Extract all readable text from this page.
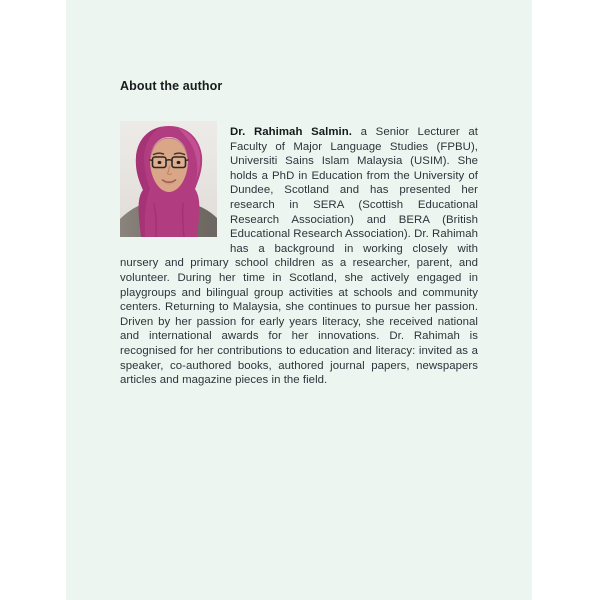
About the author

Dr. Rahimah Salmin. a Senior Lecturer at Faculty of Major Language Studies (FPBU), Universiti Sains Islam Malaysia (USIM). She holds a PhD in Education from the University of Dundee, Scotland and has presented her research in SERA (Scottish Educational Research Association) and BERA (British Educational Research Association). Dr. Rahimah has a background in working closely with nursery and primary school children as a researcher, parent, and volunteer. During her time in Scotland, she actively engaged in playgroups and bilingual group activities at schools and community centers. Returning to Malaysia, she continues to pursue her passion. Driven by her passion for early years literacy, she received national and international awards for her innovations. Dr. Rahimah is recognised for her contributions to education and literacy: invited as a speaker, co-authored books, authored journal papers, newspapers articles and magazine pieces in the field.
